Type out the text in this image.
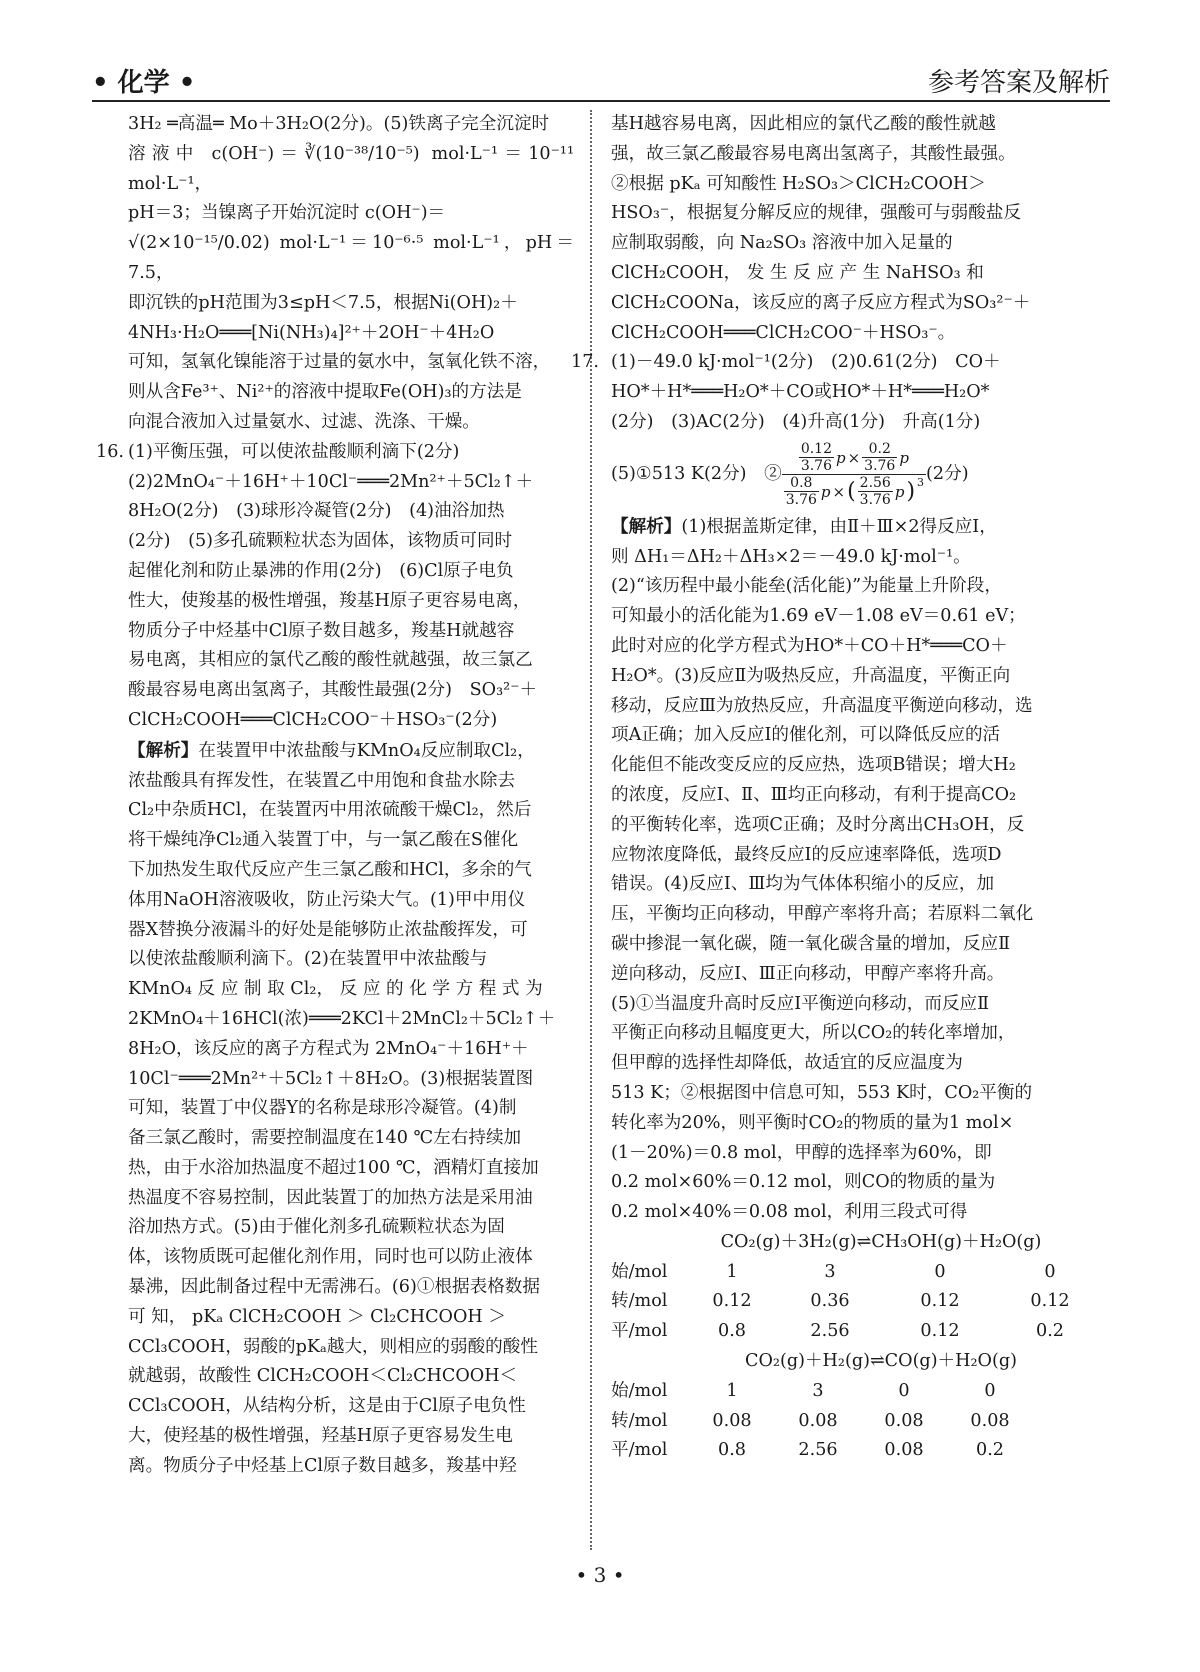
• 化学 •	参考答案及解析
3H₂ ═高温═ Mo＋3H₂O(2分)。(5)铁离子完全沉淀时
溶液中 c(OH⁻)＝∛(10⁻³⁸/10⁻⁵) mol·L⁻¹＝10⁻¹¹ mol·L⁻¹，
pH＝3；当镍离子开始沉淀时 c(OH⁻)＝
√(2×10⁻¹⁵/0.02) mol·L⁻¹＝10⁻⁶·⁵ mol·L⁻¹，pH＝7.5，
即沉铁的pH范围为3≤pH＜7.5，根据Ni(OH)₂＋
4NH₃·H₂O═══[Ni(NH₃)₄]²⁺＋2OH⁻＋4H₂O
可知，氢氧化镍能溶于过量的氨水中，氢氧化铁不溶，
则从含Fe³⁺、Ni²⁺的溶液中提取Fe(OH)₃的方法是
向混合液加入过量氨水、过滤、洗涤、干燥。
16. (1)平衡压强，可以使浓盐酸顺利滴下(2分)
(2)2MnO₄⁻＋16H⁺＋10Cl⁻═══2Mn²⁺＋5Cl₂↑＋
8H₂O(2分)　(3)球形冷凝管(2分)　(4)油浴加热
(2分)　(5)多孔硫颗粒状态为固体，该物质可同时
起催化剂和防止暴沸的作用(2分)　(6)Cl原子电负
性大，使羧基的极性增强，羧基H原子更容易电离，
物质分子中烃基中Cl原子数目越多，羧基H就越容
易电离，其相应的氯代乙酸的酸性就越强，故三氯乙
酸最容易电离出氢离子，其酸性最强(2分)　SO₃²⁻＋
ClCH₂COOH═══ClCH₂COO⁻＋HSO₃⁻(2分)
【解析】在装置甲中浓盐酸与KMnO₄反应制取Cl₂，
浓盐酸具有挥发性，在装置乙中用饱和食盐水除去
Cl₂中杂质HCl，在装置丙中用浓硫酸干燥Cl₂，然后
将干燥纯净Cl₂通入装置丁中，与一氯乙酸在S催化
下加热发生取代反应产生三氯乙酸和HCl，多余的气
体用NaOH溶液吸收，防止污染大气。(1)甲中用仪
器X替换分液漏斗的好处是能够防止浓盐酸挥发，可
以使浓盐酸顺利滴下。(2)在装置甲中浓盐酸与
KMnO₄ 反 应 制 取 Cl₂， 反 应 的 化 学 方 程 式 为
2KMnO₄＋16HCl(浓)═══2KCl＋2MnCl₂＋5Cl₂↑＋
8H₂O，该反应的离子方程式为 2MnO₄⁻＋16H⁺＋
10Cl⁻═══2Mn²⁺＋5Cl₂↑＋8H₂O。(3)根据装置图
可知，装置丁中仪器Y的名称是球形冷凝管。(4)制
备三氯乙酸时，需要控制温度在140 ℃左右持续加
热，由于水浴加热温度不超过100 ℃，酒精灯直接加
热温度不容易控制，因此装置丁的加热方法是采用油
浴加热方式。(5)由于催化剂多孔硫颗粒状态为固
体，该物质既可起催化剂作用，同时也可以防止液体
暴沸，因此制备过程中无需沸石。(6)①根据表格数据
可 知， pKₐ ClCH₂COOH ＞ Cl₂CHCOOH ＞
CCl₃COOH，弱酸的pKₐ越大，则相应的弱酸的酸性
就越弱，故酸性 ClCH₂COOH＜Cl₂CHCOOH＜
CCl₃COOH，从结构分析，这是由于Cl原子电负性
大，使羟基的极性增强，羟基H原子更容易发生电
离。物质分子中烃基上Cl原子数目越多，羧基中羟
基H越容易电离，因此相应的氯代乙酸的酸性就越
强，故三氯乙酸最容易电离出氢离子，其酸性最强。
②根据 pKₐ 可知酸性 H₂SO₃＞ClCH₂COOH＞
HSO₃⁻，根据复分解反应的规律，强酸可与弱酸盐反
应制取弱酸，向 Na₂SO₃ 溶液中加入足量的
ClCH₂COOH， 发 生 反 应 产 生 NaHSO₃ 和
ClCH₂COONa，该反应的离子反应方程式为SO₃²⁻＋
ClCH₂COOH═══ClCH₂COO⁻＋HSO₃⁻。
17. (1)－49.0 kJ·mol⁻¹(2分)　(2)0.61(2分)　CO＋
HO*＋H*═══H₂O*＋CO或HO*＋H*═══H₂O*
(2分)　(3)AC(2分)　(4)升高(1分)　升高(1分)
(5)①513 K(2分)　② $\frac{0.12}{3.76}$ $p \times \frac{0.2}{3.76}$ p
$\frac{0.8}{3.76}$ p × ( $\frac{2.56}{3.76}$ p )$^3$ (2分)
【解析】(1)根据盖斯定律，由Ⅱ＋Ⅲ×2得反应Ⅰ，
则 ΔH₁＝ΔH₂＋ΔH₃×2＝－49.0 kJ·mol⁻¹。
(2)“该历程中最小能垒(活化能)”为能量上升阶段，
可知最小的活化能为1.69 eV－1.08 eV＝0.61 eV；
此时对应的化学方程式为HO*＋CO＋H*═══CO＋
H₂O*。(3)反应Ⅱ为吸热反应，升高温度，平衡正向
移动，反应Ⅲ为放热反应，升高温度平衡逆向移动，选
项A正确；加入反应Ⅰ的催化剂，可以降低反应的活
化能但不能改变反应的反应热，选项B错误；增大H₂
的浓度，反应Ⅰ、Ⅱ、Ⅲ均正向移动，有利于提高CO₂
的平衡转化率，选项C正确；及时分离出CH₃OH，反
应物浓度降低，最终反应Ⅰ的反应速率降低，选项D
错误。(4)反应Ⅰ、Ⅲ均为气体体积缩小的反应，加
压，平衡均正向移动，甲醇产率将升高；若原料二氧化
碳中掺混一氧化碳，随一氧化碳含量的增加，反应Ⅱ
逆向移动，反应Ⅰ、Ⅲ正向移动，甲醇产率将升高。
(5)①当温度升高时反应Ⅰ平衡逆向移动，而反应Ⅱ
平衡正向移动且幅度更大，所以CO₂的转化率增加，
但甲醇的选择性却降低，故适宜的反应温度为
513 K；②根据图中信息可知，553 K时，CO₂平衡的
转化率为20%，则平衡时CO₂的物质的量为1 mol×
(1－20%)＝0.8 mol，甲醇的选择率为60%，即
0.2 mol×60%＝0.12 mol，则CO的物质的量为
0.2 mol×40%＝0.08 mol，利用三段式可得
CO₂(g)＋3H₂(g)⇌CH₃OH(g)＋H₂O(g)
始/mol	1	3	0	0
转/mol	0.12	0.36	0.12	0.12
平/mol	0.8	2.56	0.12	0.2
CO₂(g)＋H₂(g)⇌CO(g)＋H₂O(g)
始/mol	1	3	0	0
转/mol	0.08	0.08	0.08	0.08
平/mol	0.8	2.56	0.08	0.2
• 3 •
